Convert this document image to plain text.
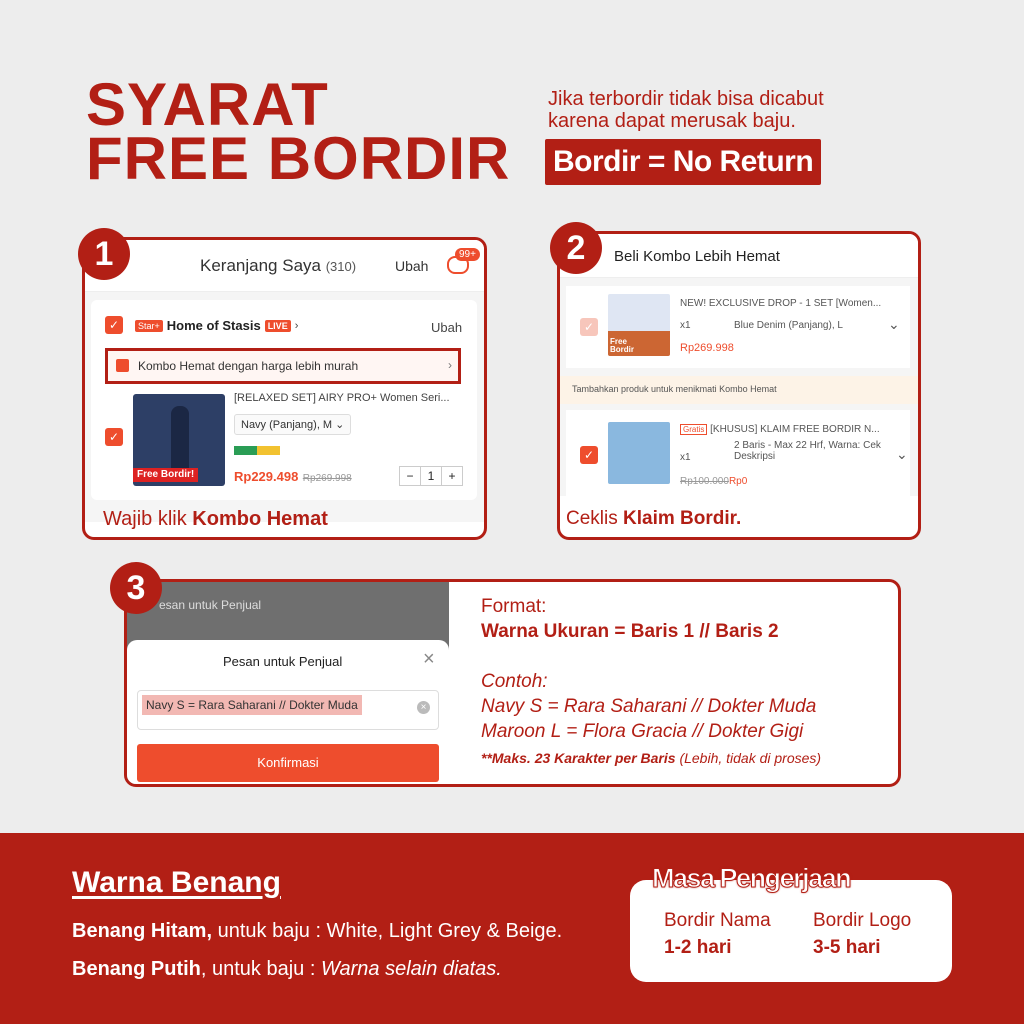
SYARAT
FREE BORDIR
Jika terbordir tidak bisa dicabut
karena dapat merusak baju.
Bordir = No Return
Keranjang Saya (310)	Ubah
99+
✓	Star+ Home of Stasis LIVE ›	Ubah
Kombo Hemat dengan harga lebih murah	›
✓
Free Bordir!
[RELAXED SET] AIRY PRO+ Women Seri...
Navy (Panjang), M ⌄
Rp229.498 Rp269.998	−	1	+
Wajib klik Kombo Hemat
1	Beli Kombo Lebih Hemat
✓
Free Bordir
NEW! EXCLUSIVE DROP - 1 SET [Women...
x1	Blue Denim (Panjang), L	⌄
Rp269.998
Tambahkan produk untuk menikmati Kombo Hemat
✓
Gratis [KHUSUS] KLAIM FREE BORDIR N...
x1
2 Baris - Max 22 Hrf, Warna: Cek Deskripsi	⌄
Rp100.000Rp0
Ceklis Klaim Bordir.
2
esan untuk Penjual
Pesan untuk Penjual	×
Navy S = Rara Saharani // Dokter Muda	×
Konfirmasi
Format:
Warna Ukuran = Baris 1 // Baris 2
Contoh:
Navy S = Rara Saharani // Dokter Muda
Maroon L = Flora Gracia // Dokter Gigi
**Maks. 23 Karakter per Baris (Lebih, tidak di proses)
3
Warna Benang
Benang Hitam, untuk baju : White, Light Grey & Beige.
Benang Putih, untuk baju : Warna selain diatas.
Bordir Nama
1-2 hari
Bordir Logo
3-5 hari
Masa Pengerjaan
